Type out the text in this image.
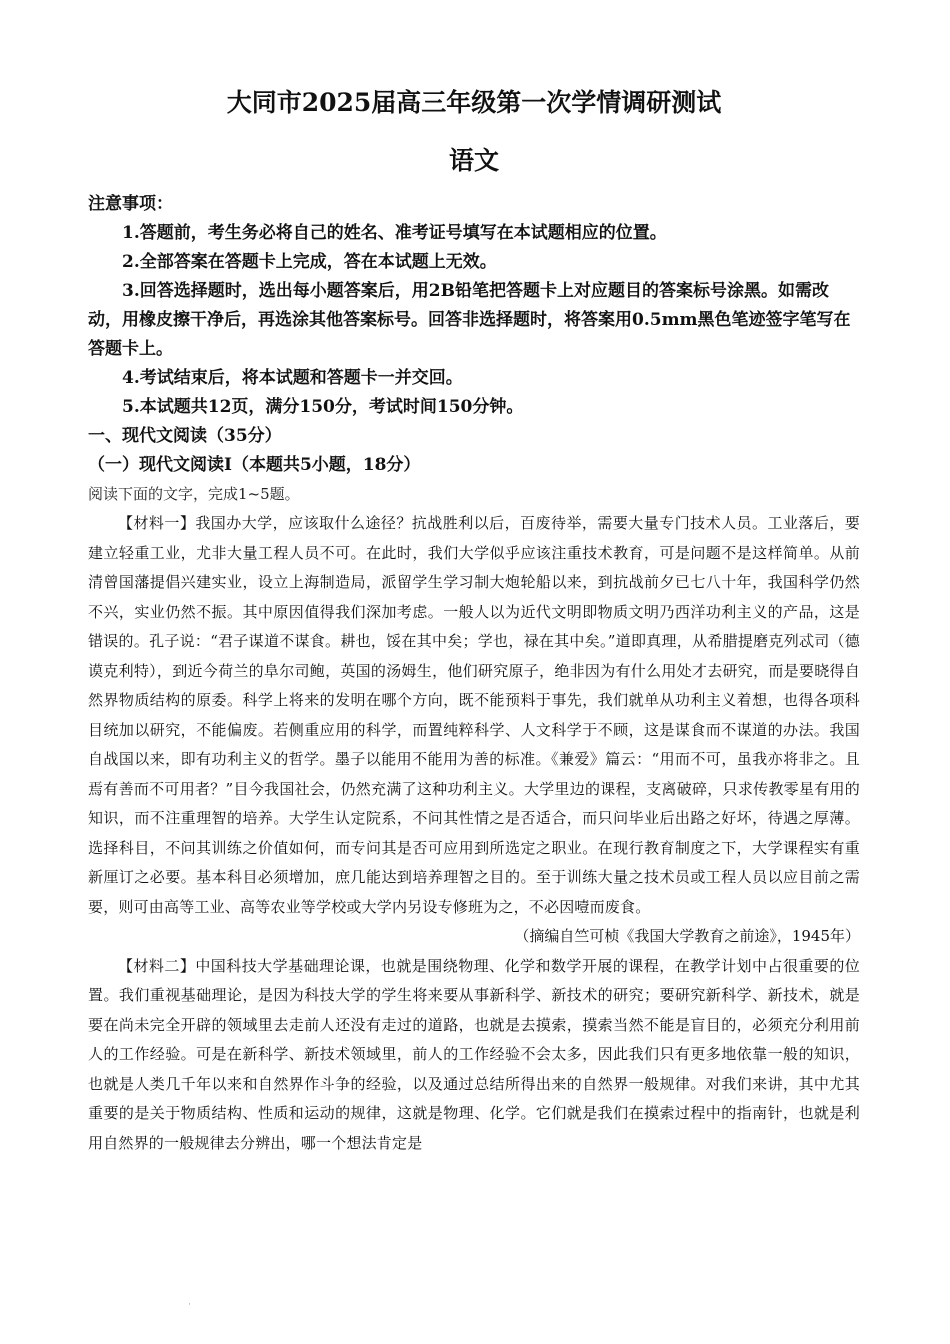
大同市2025届高三年级第一次学情调研测试
语文

注意事项：

1.答题前，考生务必将自己的姓名、准考证号填写在本试题相应的位置。

2.全部答案在答题卡上完成，答在本试题上无效。

3.回答选择题时，选出每小题答案后，用2B铅笔把答题卡上对应题目的答案标号涂黑。如需改动，用橡皮擦干净后，再选涂其他答案标号。回答非选择题时，将答案用0.5mm黑色笔迹签字笔写在答题卡上。

4.考试结束后，将本试题和答题卡一并交回。

5.本试题共12页，满分150分，考试时间150分钟。

一、现代文阅读（35分）

（一）现代文阅读Ⅰ（本题共5小题，18分）

阅读下面的文字，完成1~5题。

【材料一】我国办大学，应该取什么途径？抗战胜利以后，百废待举，需要大量专门技术人员。工业落后，要建立轻重工业，尤非大量工程人员不可。在此时，我们大学似乎应该注重技术教育，可是问题不是这样简单。从前清曾国藩提倡兴建实业，设立上海制造局，派留学生学习制大炮轮船以来，到抗战前夕已七八十年，我国科学仍然不兴，实业仍然不振。其中原因值得我们深加考虑。一般人以为近代文明即物质文明乃西洋功利主义的产品，这是错误的。孔子说：“君子谋道不谋食。耕也，馁在其中矣；学也，禄在其中矣。”道即真理，从希腊提磨克列忒司（德谟克利特），到近今荷兰的阜尔司鲍，英国的汤姆生，他们研究原子，绝非因为有什么用处才去研究，而是要晓得自然界物质结构的原委。科学上将来的发明在哪个方向，既不能预料于事先，我们就单从功利主义着想，也得各项科目统加以研究，不能偏废。若侧重应用的科学，而置纯粹科学、人文科学于不顾，这是谋食而不谋道的办法。我国自战国以来，即有功利主义的哲学。墨子以能用不能用为善的标准。《兼爱》篇云：“用而不可，虽我亦将非之。且焉有善而不可用者？”目今我国社会，仍然充满了这种功利主义。大学里边的课程，支离破碎，只求传教零星有用的知识，而不注重理智的培养。大学生认定院系，不问其性情之是否适合，而只问毕业后出路之好坏，待遇之厚薄。选择科目，不问其训练之价值如何，而专问其是否可应用到所选定之职业。在现行教育制度之下，大学课程实有重新厘订之必要。基本科目必须增加，庶几能达到培养理智之目的。至于训练大量之技术员或工程人员以应目前之需要，则可由高等工业、高等农业等学校或大学内另设专修班为之，不必因噎而废食。

（摘编自竺可桢《我国大学教育之前途》，1945年）

【材料二】中国科技大学基础理论课，也就是围绕物理、化学和数学开展的课程，在教学计划中占很重要的位置。我们重视基础理论，是因为科技大学的学生将来要从事新科学、新技术的研究；要研究新科学、新技术，就是要在尚未完全开辟的领域里去走前人还没有走过的道路，也就是去摸索，摸索当然不能是盲目的，必须充分利用前人的工作经验。可是在新科学、新技术领域里，前人的工作经验不会太多，因此我们只有更多地依靠一般的知识，也就是人类几千年以来和自然界作斗争的经验，以及通过总结所得出来的自然界一般规律。对我们来讲，其中尤其重要的是关于物质结构、性质和运动的规律，这就是物理、化学。它们就是我们在摸索过程中的指南针，也就是利用自然界的一般规律去分辨出，哪一个想法肯定是

·
